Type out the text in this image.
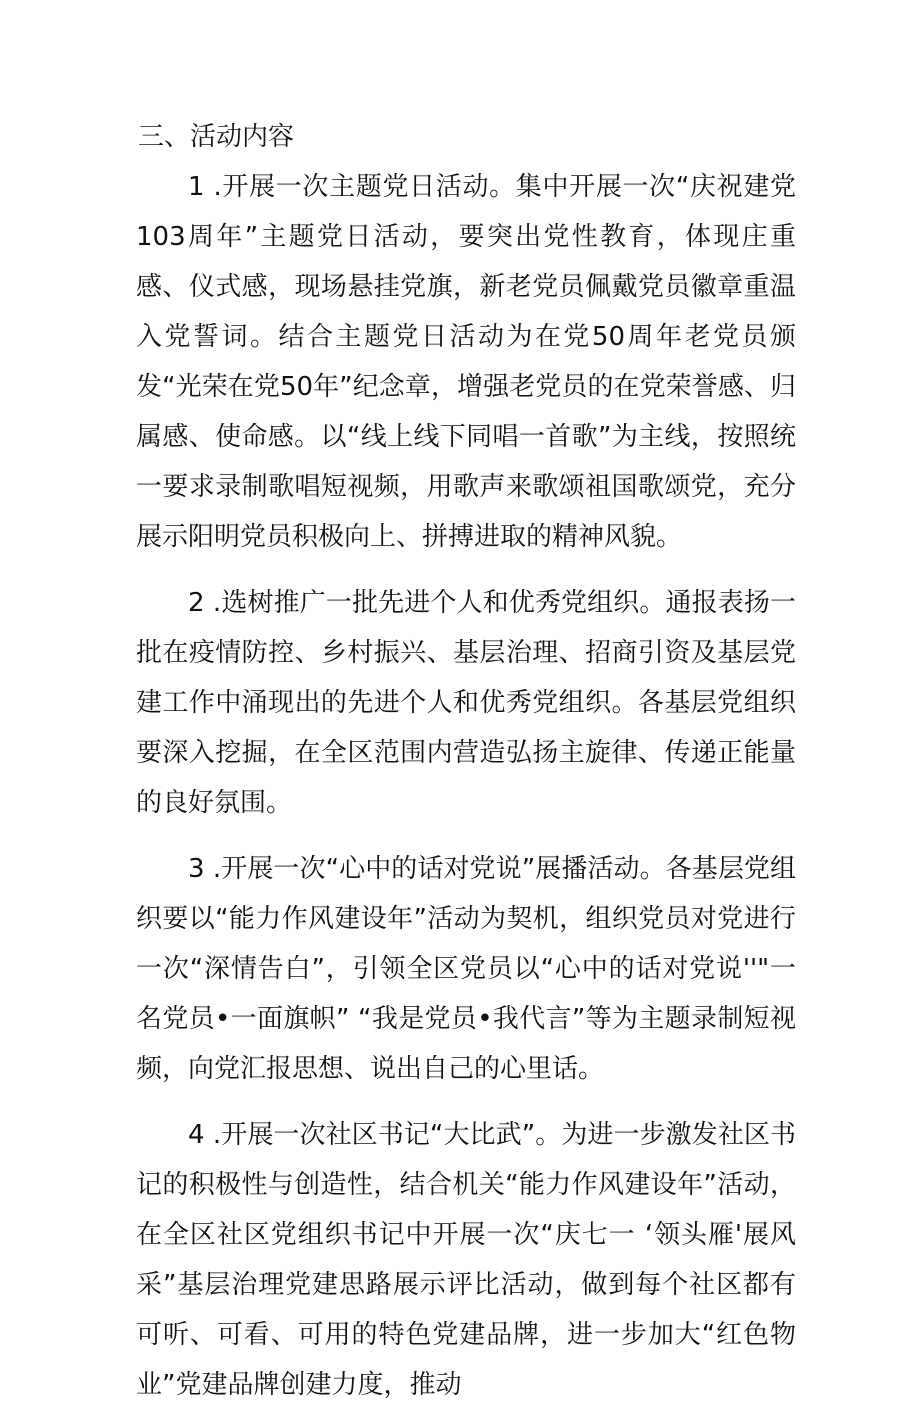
三、活动内容

1 .开展一次主题党日活动。集中开展一次“庆祝建党103周年”主题党日活动，要突出党性教育，体现庄重感、仪式感，现场悬挂党旗，新老党员佩戴党员徽章重温入党誓词。结合主题党日活动为在党50周年老党员颁发“光荣在党50年”纪念章，增强老党员的在党荣誉感、归属感、使命感。以“线上线下同唱一首歌”为主线，按照统一要求录制歌唱短视频，用歌声来歌颂祖国歌颂党，充分展示阳明党员积极向上、拼搏进取的精神风貌。

2 .选树推广一批先进个人和优秀党组织。通报表扬一批在疫情防控、乡村振兴、基层治理、招商引资及基层党建工作中涌现出的先进个人和优秀党组织。各基层党组织要深入挖掘，在全区范围内营造弘扬主旋律、传递正能量的良好氛围。

3 .开展一次“心中的话对党说”展播活动。各基层党组织要以“能力作风建设年”活动为契机，组织党员对党进行一次“深情告白”，引领全区党员以“心中的话对党说''"一名党员•一面旗帜” “我是党员•我代言”等为主题录制短视频，向党汇报思想、说出自己的心里话。

4 .开展一次社区书记“大比武”。为进一步激发社区书记的积极性与创造性，结合机关“能力作风建设年”活动，在全区社区党组织书记中开展一次“庆七一 ‘领头雁'展风采”基层治理党建思路展示评比活动，做到每个社区都有可听、可看、可用的特色党建品牌，进一步加大“红色物业”党建品牌创建力度，推动
